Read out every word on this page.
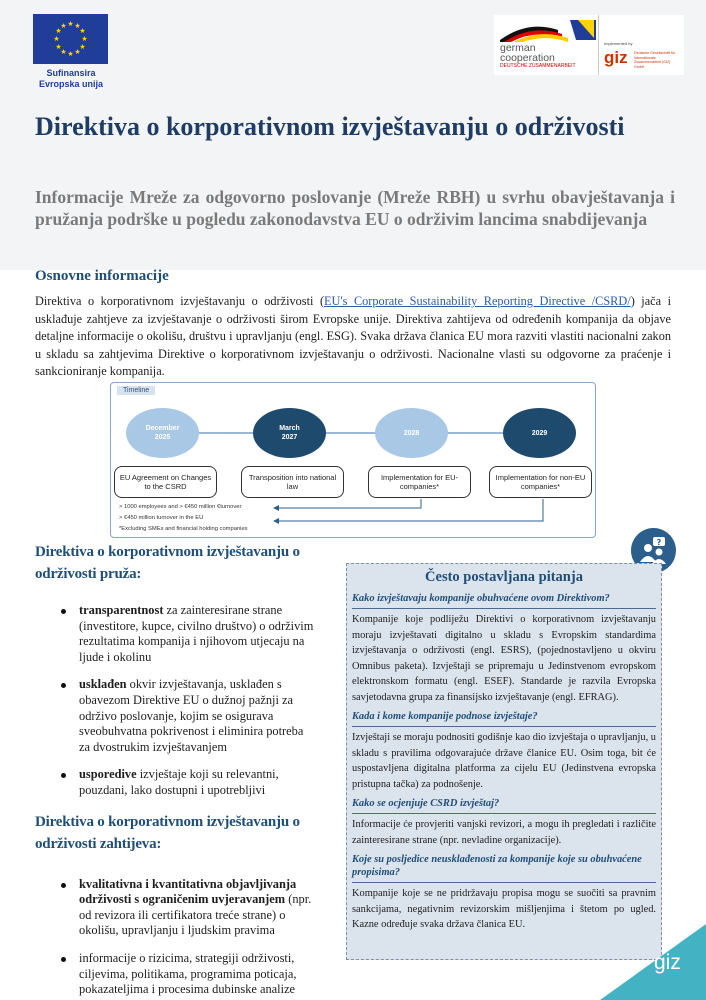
★ ★
★
★
★
★
★
★
★
★
★
★
Sufinansira
Evropska unija
german
cooperation
DEUTSCHE ZUSAMMENARBEIT
Implemented by
giz Deutsche Gesellschaft für Internationale Zusammenarbeit (GIZ) GmbH
Direktiva o korporativnom izvještavanju o održivosti
Informacije Mreže za odgovorno poslovanje (Mreže RBH) u svrhu obavještavanja i pružanja podrške u pogledu zakonodavstva EU o održivim lancima snabdijevanja
Osnovne informacije
Direktiva o korporativnom izvještavanju o održivosti (EU's Corporate Sustainability Reporting Directive /CSRD/) jača i usklađuje zahtjeve za izvještavanje o održivosti širom Evropske unije. Direktiva zahtijeva od određenih kompanija da objave detaljne informacije o okolišu, društvu i upravljanju (engl. ESG). Svaka država članica EU mora razviti vlastiti nacionalni zakon u skladu sa zahtjevima Direktive o korporativnom izvještavanju o održivosti. Nacionalne vlasti su odgovorne za praćenje i sankcioniranje kompanija.
Timeline
December
2025
March
2027
2028	2029
EU Agreement on Changes to the CSRD
Transposition into national law
Implementation for EU-companies*
Implementation for non-EU companies*
> 1000 employees and > €450 million €turnover
> €450 million turnover in the EU
*Excluding SMEs and financial holding companies
Direktiva o korporativnom izvještavanju o održivosti pruža:
transparentnost za zainteresirane strane (investitore, kupce, civilno društvo) o održivim rezultatima kompanija i njihovom utjecaju na ljude i okolinu
usklađen okvir izvještavanja, usklađen s obavezom Direktive EU o dužnoj pažnji za održivo poslovanje, kojim se osigurava sveobuhvatna pokrivenost i eliminira potreba za dvostrukim izvještavanjem
usporedive izvještaje koji su relevantni, pouzdani, lako dostupni i upotrebljivi
Direktiva o korporativnom izvještavanju o održivosti zahtijeva:
kvalitativna i kvantitativna objavljivanja održivosti s ograničenim uvjeravanjem (npr. od revizora ili certifikatora treće strane) o okolišu, upravljanju i ljudskim pravima
informacije o rizicima, strategiji održivosti, ciljevima, politikama, programima poticaja, pokazateljima i procesima dubinske analize
?
Često postavljana pitanja
Kako izvještavaju kompanije obuhvaćene ovom Direktivom?
Kompanije koje podliježu Direktivi o korporativnom izvještavanju moraju izvještavati digitalno u skladu s Evropskim standardima izvještavanja o održivosti (engl. ESRS), (pojednostavljeno u okviru Omnibus paketa). Izvještaji se pripremaju u Jedinstvenom evropskom elektronskom formatu (engl. ESEF). Standarde je razvila Evropska savjetodavna grupa za finansijsko izvještavanje (engl. EFRAG).
Kada i kome kompanije podnose izvještaje?
Izvještaji se moraju podnositi godišnje kao dio izvještaja o upravljanju, u skladu s pravilima odgovarajuće države članice EU. Osim toga, bit će uspostavljena digitalna platforma za cijelu EU (Jedinstvena evropska pristupna tačka) za podnošenje.
Kako se ocjenjuje CSRD izvještaj?
Informacije će provjeriti vanjski revizori, a mogu ih pregledati i različite zainteresirane strane (npr. nevladine organizacije).
Koje su posljedice neusklađenosti za kompanije koje su obuhvaćene propisima?
Kompanije koje se ne pridržavaju propisa mogu se suočiti sa pravnim sankcijama, negativnim revizorskim mišljenjima i štetom po ugled. Kazne određuje svaka država članica EU.
giz
